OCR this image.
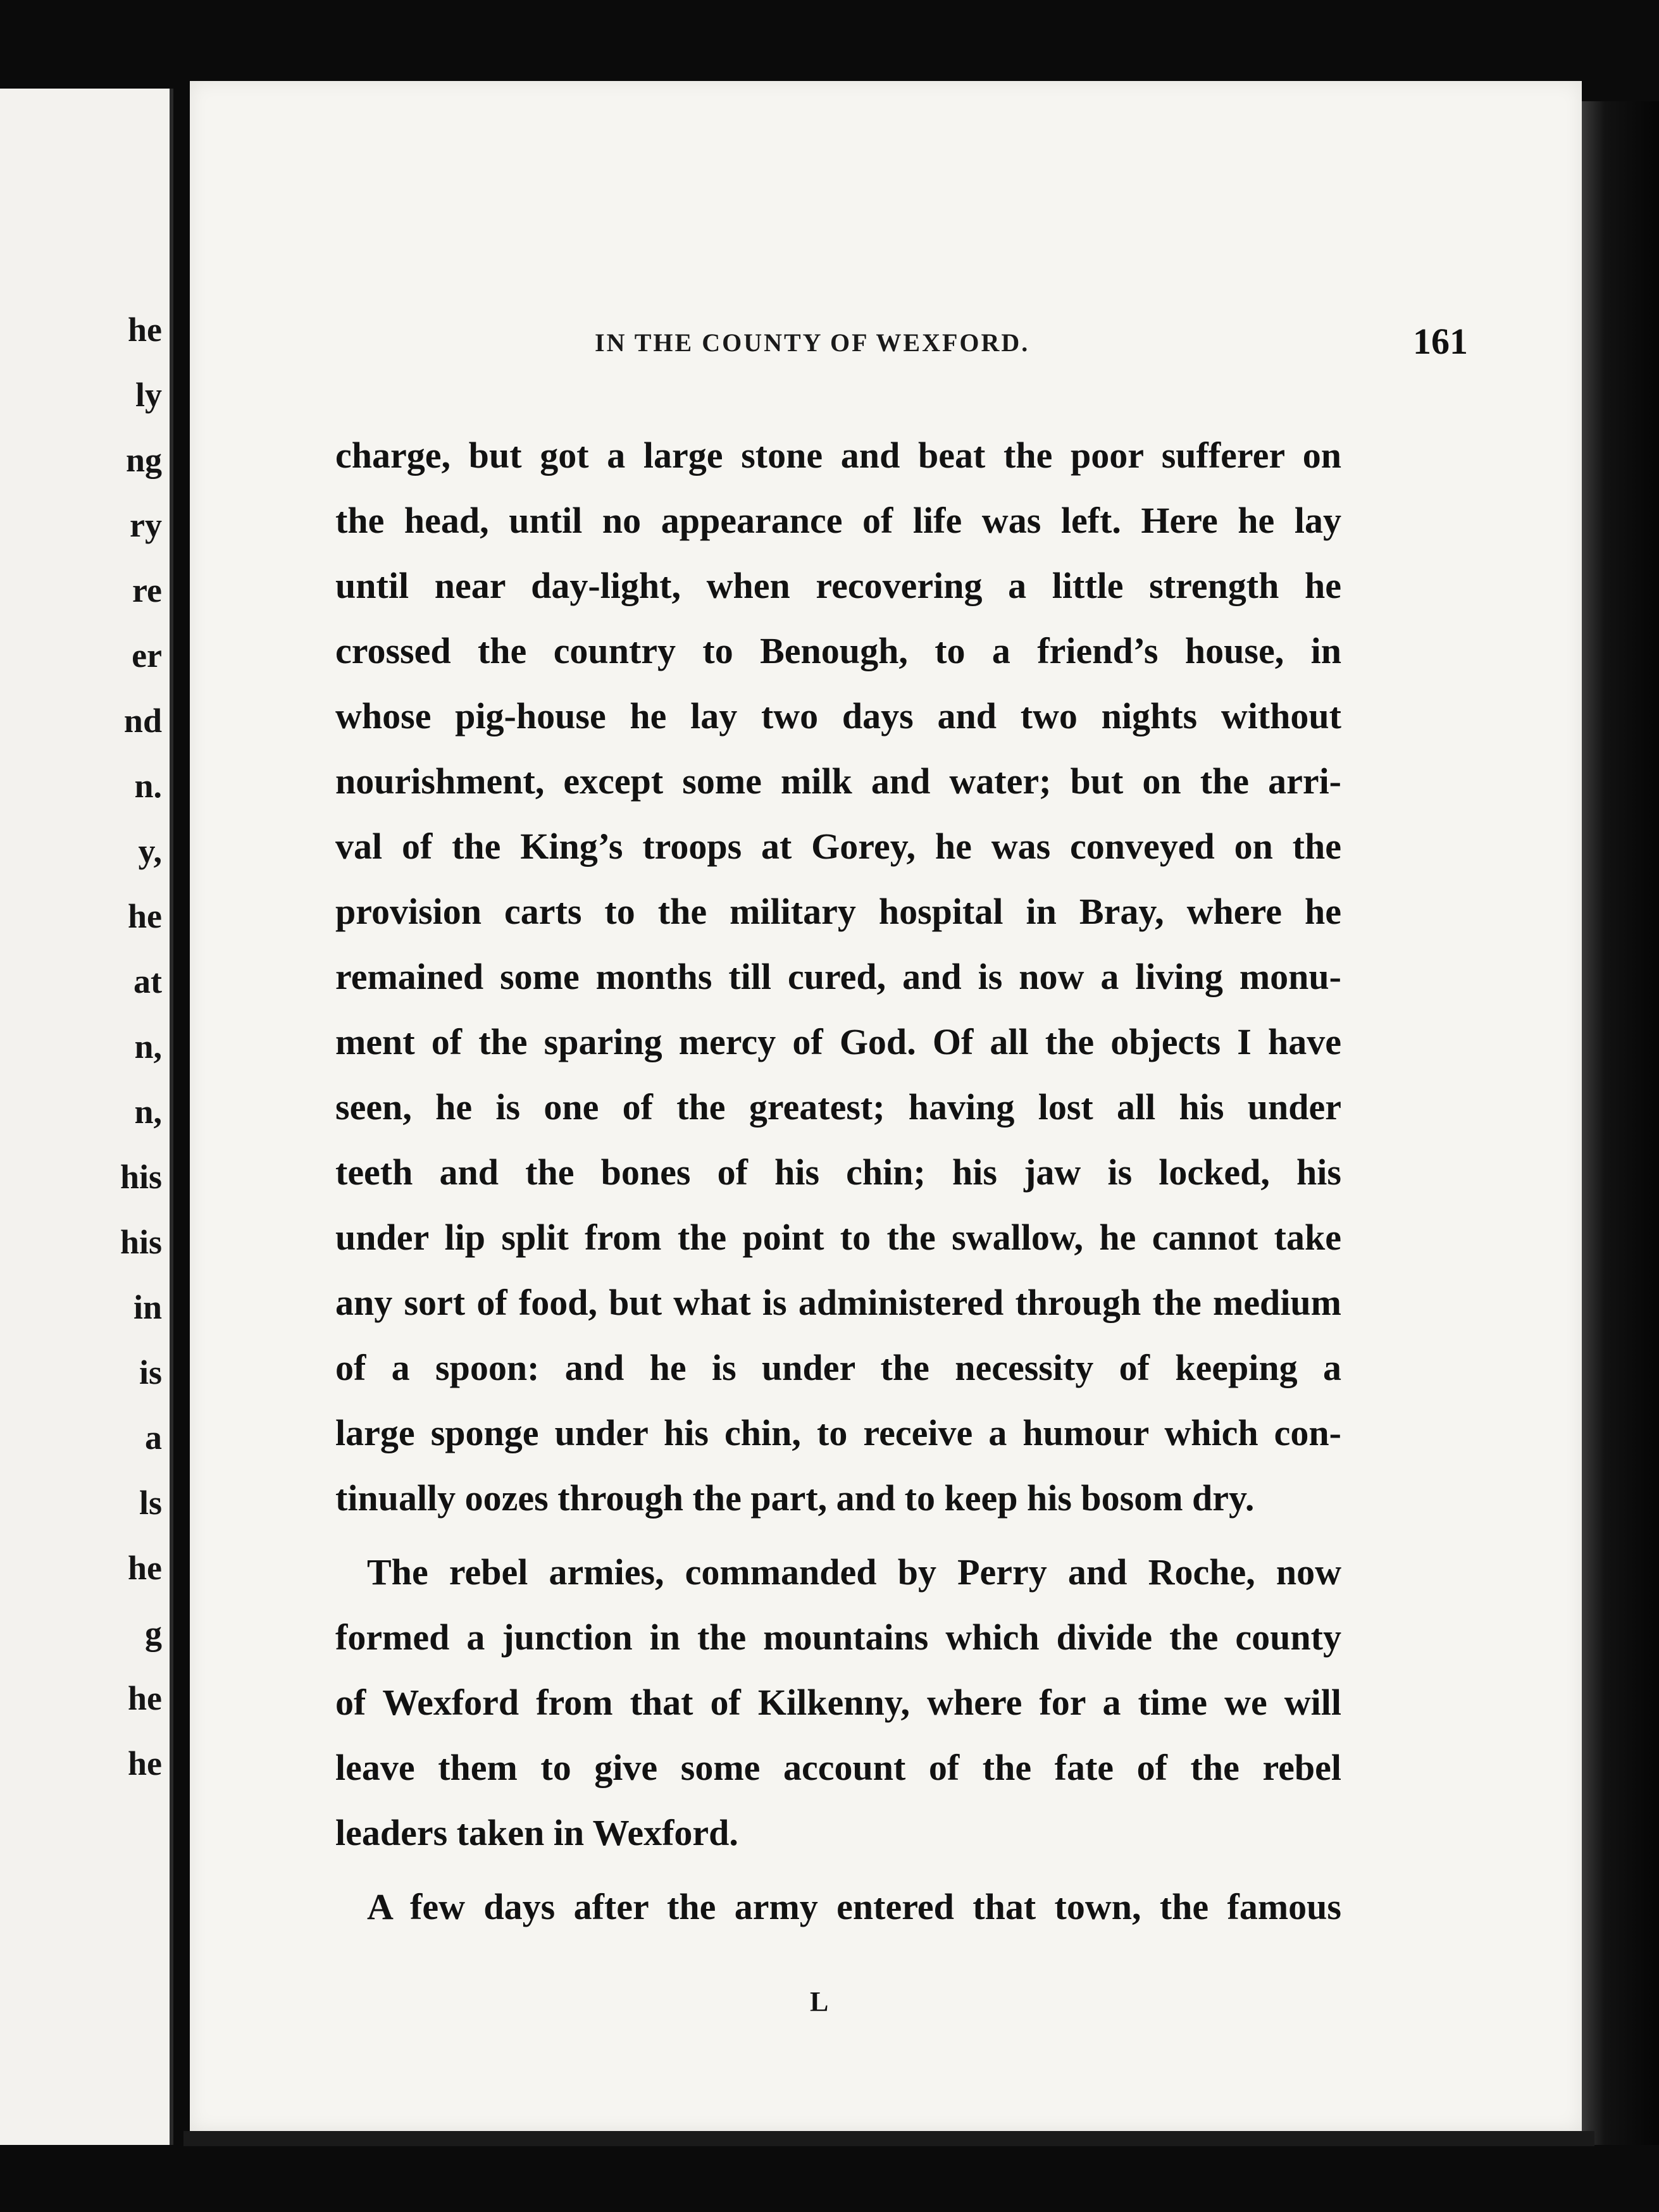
he
ly
ng
ry
re
er
nd
n.
y,
he
at
n,
n,
his
his
in
is
a
ls
he
g
he
he
IN THE COUNTY OF WEXFORD.	161
charge, but got a large stone and beat the poor sufferer on
the head, until no appearance of life was left. Here he lay
until near day-light, when recovering a little strength he
crossed the country to Benough, to a friend’s house, in
whose pig-house he lay two days and two nights without
nourishment, except some milk and water; but on the arri-
val of the King’s troops at Gorey, he was conveyed on the
provision carts to the military hospital in Bray, where he
remained some months till cured, and is now a living monu-
ment of the sparing mercy of God. Of all the objects I have
seen, he is one of the greatest; having lost all his under
teeth and the bones of his chin; his jaw is locked, his
under lip split from the point to the swallow, he cannot take
any sort of food, but what is administered through the medium
of a spoon: and he is under the necessity of keeping a
large sponge under his chin, to receive a humour which con-
tinually oozes through the part, and to keep his bosom dry.
The rebel armies, commanded by Perry and Roche, now
formed a junction in the mountains which divide the county
of Wexford from that of Kilkenny, where for a time we will
leave them to give some account of the fate of the rebel
leaders taken in Wexford.
A few days after the army entered that town, the famous
L
